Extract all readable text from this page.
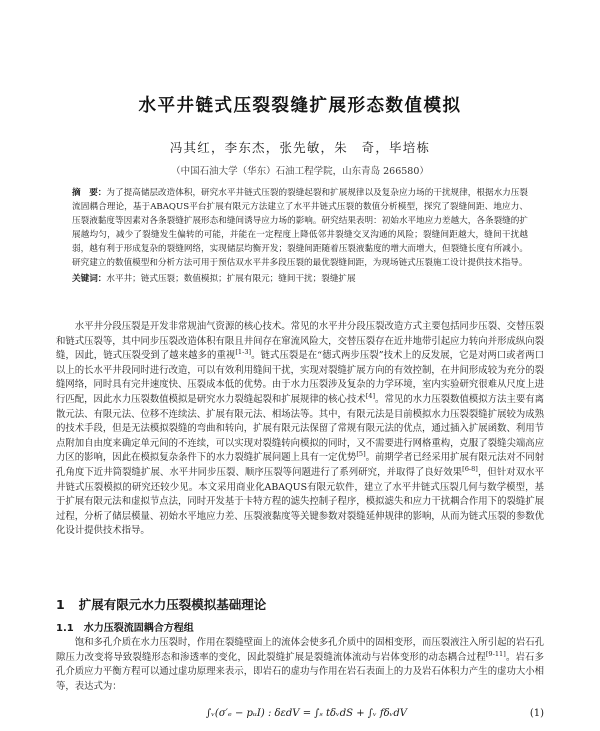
水平井链式压裂裂缝扩展形态数值模拟
冯其红，李东杰，张先敏，朱　奇，毕培栋
（中国石油大学（华东）石油工程学院，山东青岛 266580）
摘　要：为了提高储层改造体积，研究水平井链式压裂的裂缝起裂和扩展规律以及复杂应力场的干扰规律，根据水力压裂流固耦合理论，基于ABAQUS平台扩展有限元方法建立了水平井链式压裂的数值分析模型，探究了裂缝间距、地应力、压裂液黏度等因素对各条裂缝扩展形态和缝间诱导应力场的影响。研究结果表明：初始水平地应力差越大，各条裂缝的扩展越均匀，减少了裂缝发生偏转的可能，并能在一定程度上降低邻井裂缝交叉沟通的风险；裂缝间距越大，缝间干扰越弱，越有利于形成复杂的裂缝网络，实现储层均衡开发；裂缝间距随着压裂液黏度的增大而增大，但裂缝长度有所减小。研究建立的数值模型和分析方法可用于预估双水平井多段压裂的最优裂缝间距，为现场链式压裂施工设计提供技术指导。
关键词：水平井；链式压裂；数值模拟；扩展有限元；缝间干扰；裂缝扩展
水平井分段压裂是开发非常规油气资源的核心技术。常见的水平井分段压裂改造方式主要包括同步压裂、交替压裂和链式压裂等，其中同步压裂改造体积有限且井间存在窜流风险大，交替压裂存在近井地带引起应力转向并形成纵向裂缝，因此，链式压裂受到了越来越多的重视[1-3]。链式压裂是在“德式两步压裂”技术上的反发展，它是对两口或者两口以上的长水平井段同时进行改造，可以有效利用缝间干扰，实现对裂缝扩展方向的有效控制，在井间形成较为充分的裂缝网络，同时具有完井速度快、压裂成本低的优势。由于水力压裂涉及复杂的力学环境，室内实验研究很难从尺度上进行匹配，因此水力压裂数值模拟是研究水力裂缝起裂和扩展规律的核心技术[4]。常见的水力压裂数值模拟方法主要有离散元法、有限元法、位移不连续法、扩展有限元法、相场法等。其中，有限元法是目前模拟水力压裂裂缝扩展较为成熟的技术手段，但是无法模拟裂缝的弯曲和转向，扩展有限元法保留了常规有限元法的优点，通过插入扩展函数、利用节点附加自由度来确定单元间的不连续，可以实现对裂缝转向模拟的同时，又不需要进行网格重构，克服了裂缝尖端高应力区的影响，因此在模拟复杂条件下的水力裂缝扩展问题上具有一定优势[5]。前期学者已经采用扩展有限元法对不同射孔角度下近井筒裂缝扩展、水平井同步压裂、顺序压裂等问题进行了系列研究，并取得了良好效果[6-8]，但针对双水平井链式压裂模拟的研究还较少见。本文采用商业化ABAQUS有限元软件，建立了水平井链式压裂几何与数学模型，基于扩展有限元法和虚拟节点法，同时开发基于卡特方程的滤失控制子程序，模拟滤失和应力干扰耦合作用下的裂缝扩展过程，分析了储层模量、初始水平地应力差、压裂液黏度等关键参数对裂缝延伸规律的影响，从而为链式压裂的参数优化设计提供技术指导。
1 扩展有限元水力压裂模拟基础理论
1.1 水力压裂流固耦合方程组
饱和多孔介质在水力压裂时，作用在裂缝壁面上的流体会使多孔介质中的固相变形，而压裂液注入所引起的岩石孔隙压力改变将导致裂缝形态和渗透率的变化，因此裂缝扩展是裂缝流体流动与岩体变形的动态耦合过程[9-11]。岩石多孔介质应力平衡方程可以通过虚功原理来表示，即岩石的虚功与作用在岩石表面上的力及岩石体积力产生的虚功大小相等，表达式为：
∫ᵥ(σ′ₑ − pᵤI) : δεdV = ∫ₛ tδᵥdS + ∫ᵥ fδᵥdV	(1)
